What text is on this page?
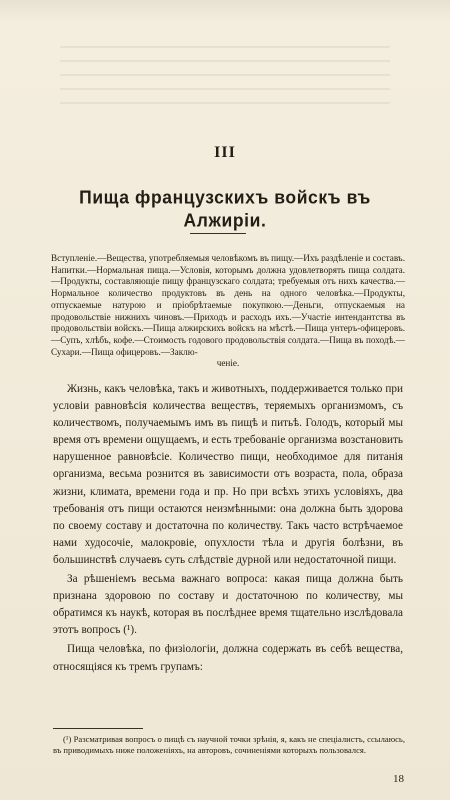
III
Пища французскихъ войскъ въ Алжиріи.
Вступленіе.—Вещества, употребляемыя человѣкомъ въ пищу.—Ихъ раздѣленіе и составъ. Напитки.—Нормальная пища.—Условія, которымъ должна удовлетворять пища солдата.—Продукты, составляющіе пищу французскаго солдата; требуемыя отъ нихъ качества.—Нормальное количество продуктовъ въ день на одного человѣка.—Продукты, отпускаемые натурою и пріобрѣтаемые покупкою.—Деньги, отпускаемыя на продовольствіе нижнихъ чиновъ.—Приходъ и расходъ ихъ.—Участіе интендантства въ продовольствіи войскъ.—Пища алжирскихъ войскъ на мѣстѣ.—Пища унтеръ-офицеровъ.—Супъ, хлѣбъ, кофе.—Стоимость годового продовольствія солдата.—Пища въ походѣ.—Сухари.—Пища офицеровъ.—Заклю-
ченіе.

Жизнь, какъ человѣка, такъ и животныхъ, поддерживается только при условіи равновѣсія количества веществъ, теряемыхъ организмомъ, съ количествомъ, получаемымъ имъ въ пищѣ и питьѣ. Голодъ, который мы время отъ времени ощущаемъ, и есть требованіе организма возстановить нарушенное равновѣсіе. Количество пищи, необходимое для питанія организма, весьма рознится въ зависимости отъ возраста, пола, образа жизни, климата, времени года и пр. Но при всѣхъ этихъ условіяхъ, два требованія отъ пищи остаются неизмѣнными: она должна быть здорова по своему составу и достаточна по количеству. Такъ часто встрѣчаемое нами худосочіе, малокровіе, опухлости тѣла и другія болѣзни, въ большинствѣ случаевъ суть слѣдствіе дурной или недостаточной пищи.

За рѣшеніемъ весьма важнаго вопроса: какая пища должна быть признана здоровою по составу и достаточною по количеству, мы обратимся къ наукѣ, которая въ послѣднее время тщательно изслѣдовала этотъ вопросъ (¹).

Пища человѣка, по физіологіи, должна содержать въ себѣ вещества, относящіяся къ тремъ групамъ:

(¹) Разсматривая вопросъ о пищѣ съ научной точки зрѣнія, я, какъ не спеціалистъ, ссылаюсь, въ приводимыхъ ниже положеніяхъ, на авторовъ, сочиненіями которыхъ пользовался.

18
